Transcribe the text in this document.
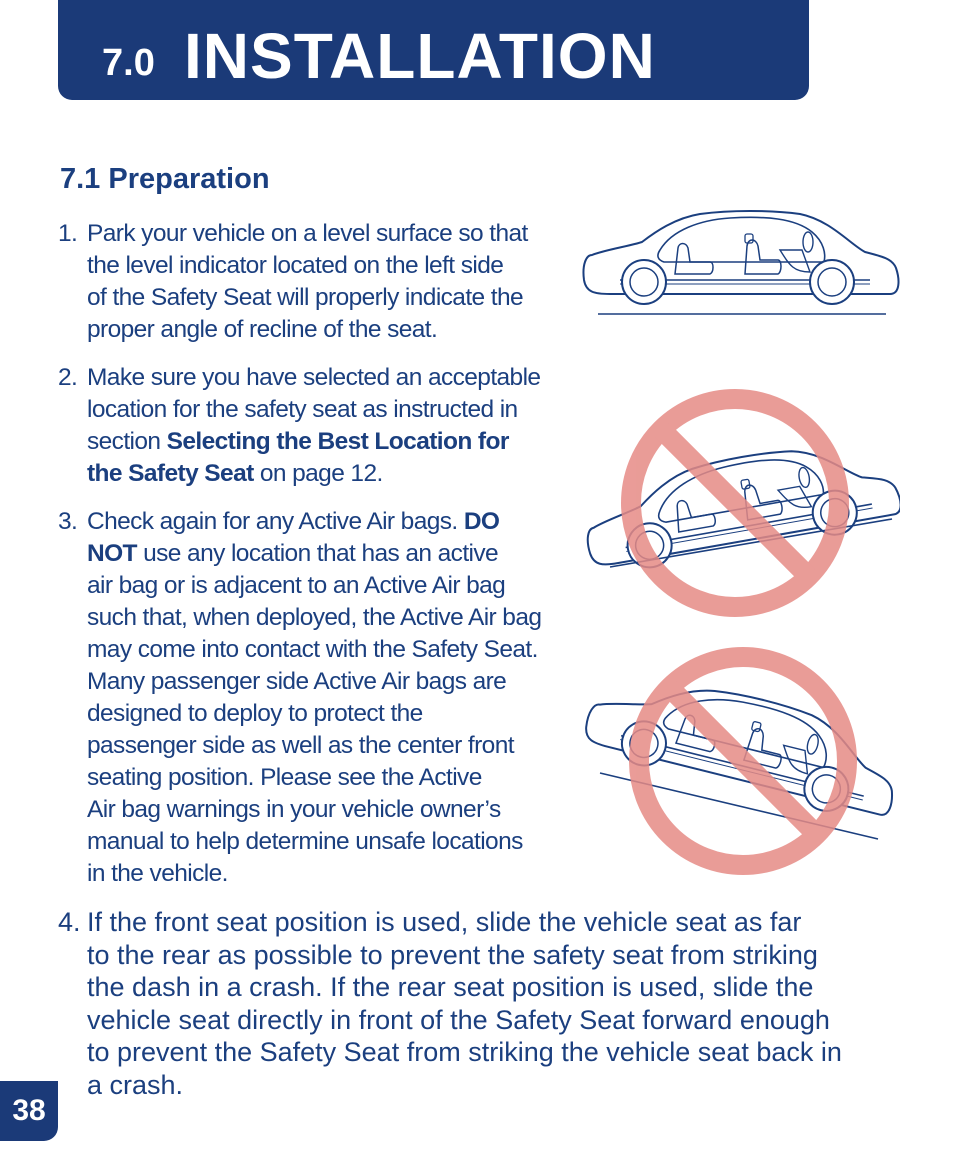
7.0 INSTALLATION
7.1 Preparation
1. Park your vehicle on a level surface so that
the level indicator located on the left side
of the Safety Seat will properly indicate the
proper angle of recline of the seat.
2. Make sure you have selected an acceptable
location for the safety seat as instructed in
section Selecting the Best Location for
the Safety Seat on page 12.
3. Check again for any Active Air bags. DO
NOT use any location that has an active
air bag or is adjacent to an Active Air bag
such that, when deployed, the Active Air bag
may come into contact with the Safety Seat.
Many passenger side Active Air bags are
designed to deploy to protect the
passenger side as well as the center front
seating position. Please see the Active
Air bag warnings in your vehicle owner’s
manual to help determine unsafe locations
in the vehicle.
4. If the front seat position is used, slide the vehicle seat as far
to the rear as possible to prevent the safety seat from striking
the dash in a crash. If the rear seat position is used, slide the
vehicle seat directly in front of the Safety Seat forward enough
to prevent the Safety Seat from striking the vehicle seat back in
a crash.
38
